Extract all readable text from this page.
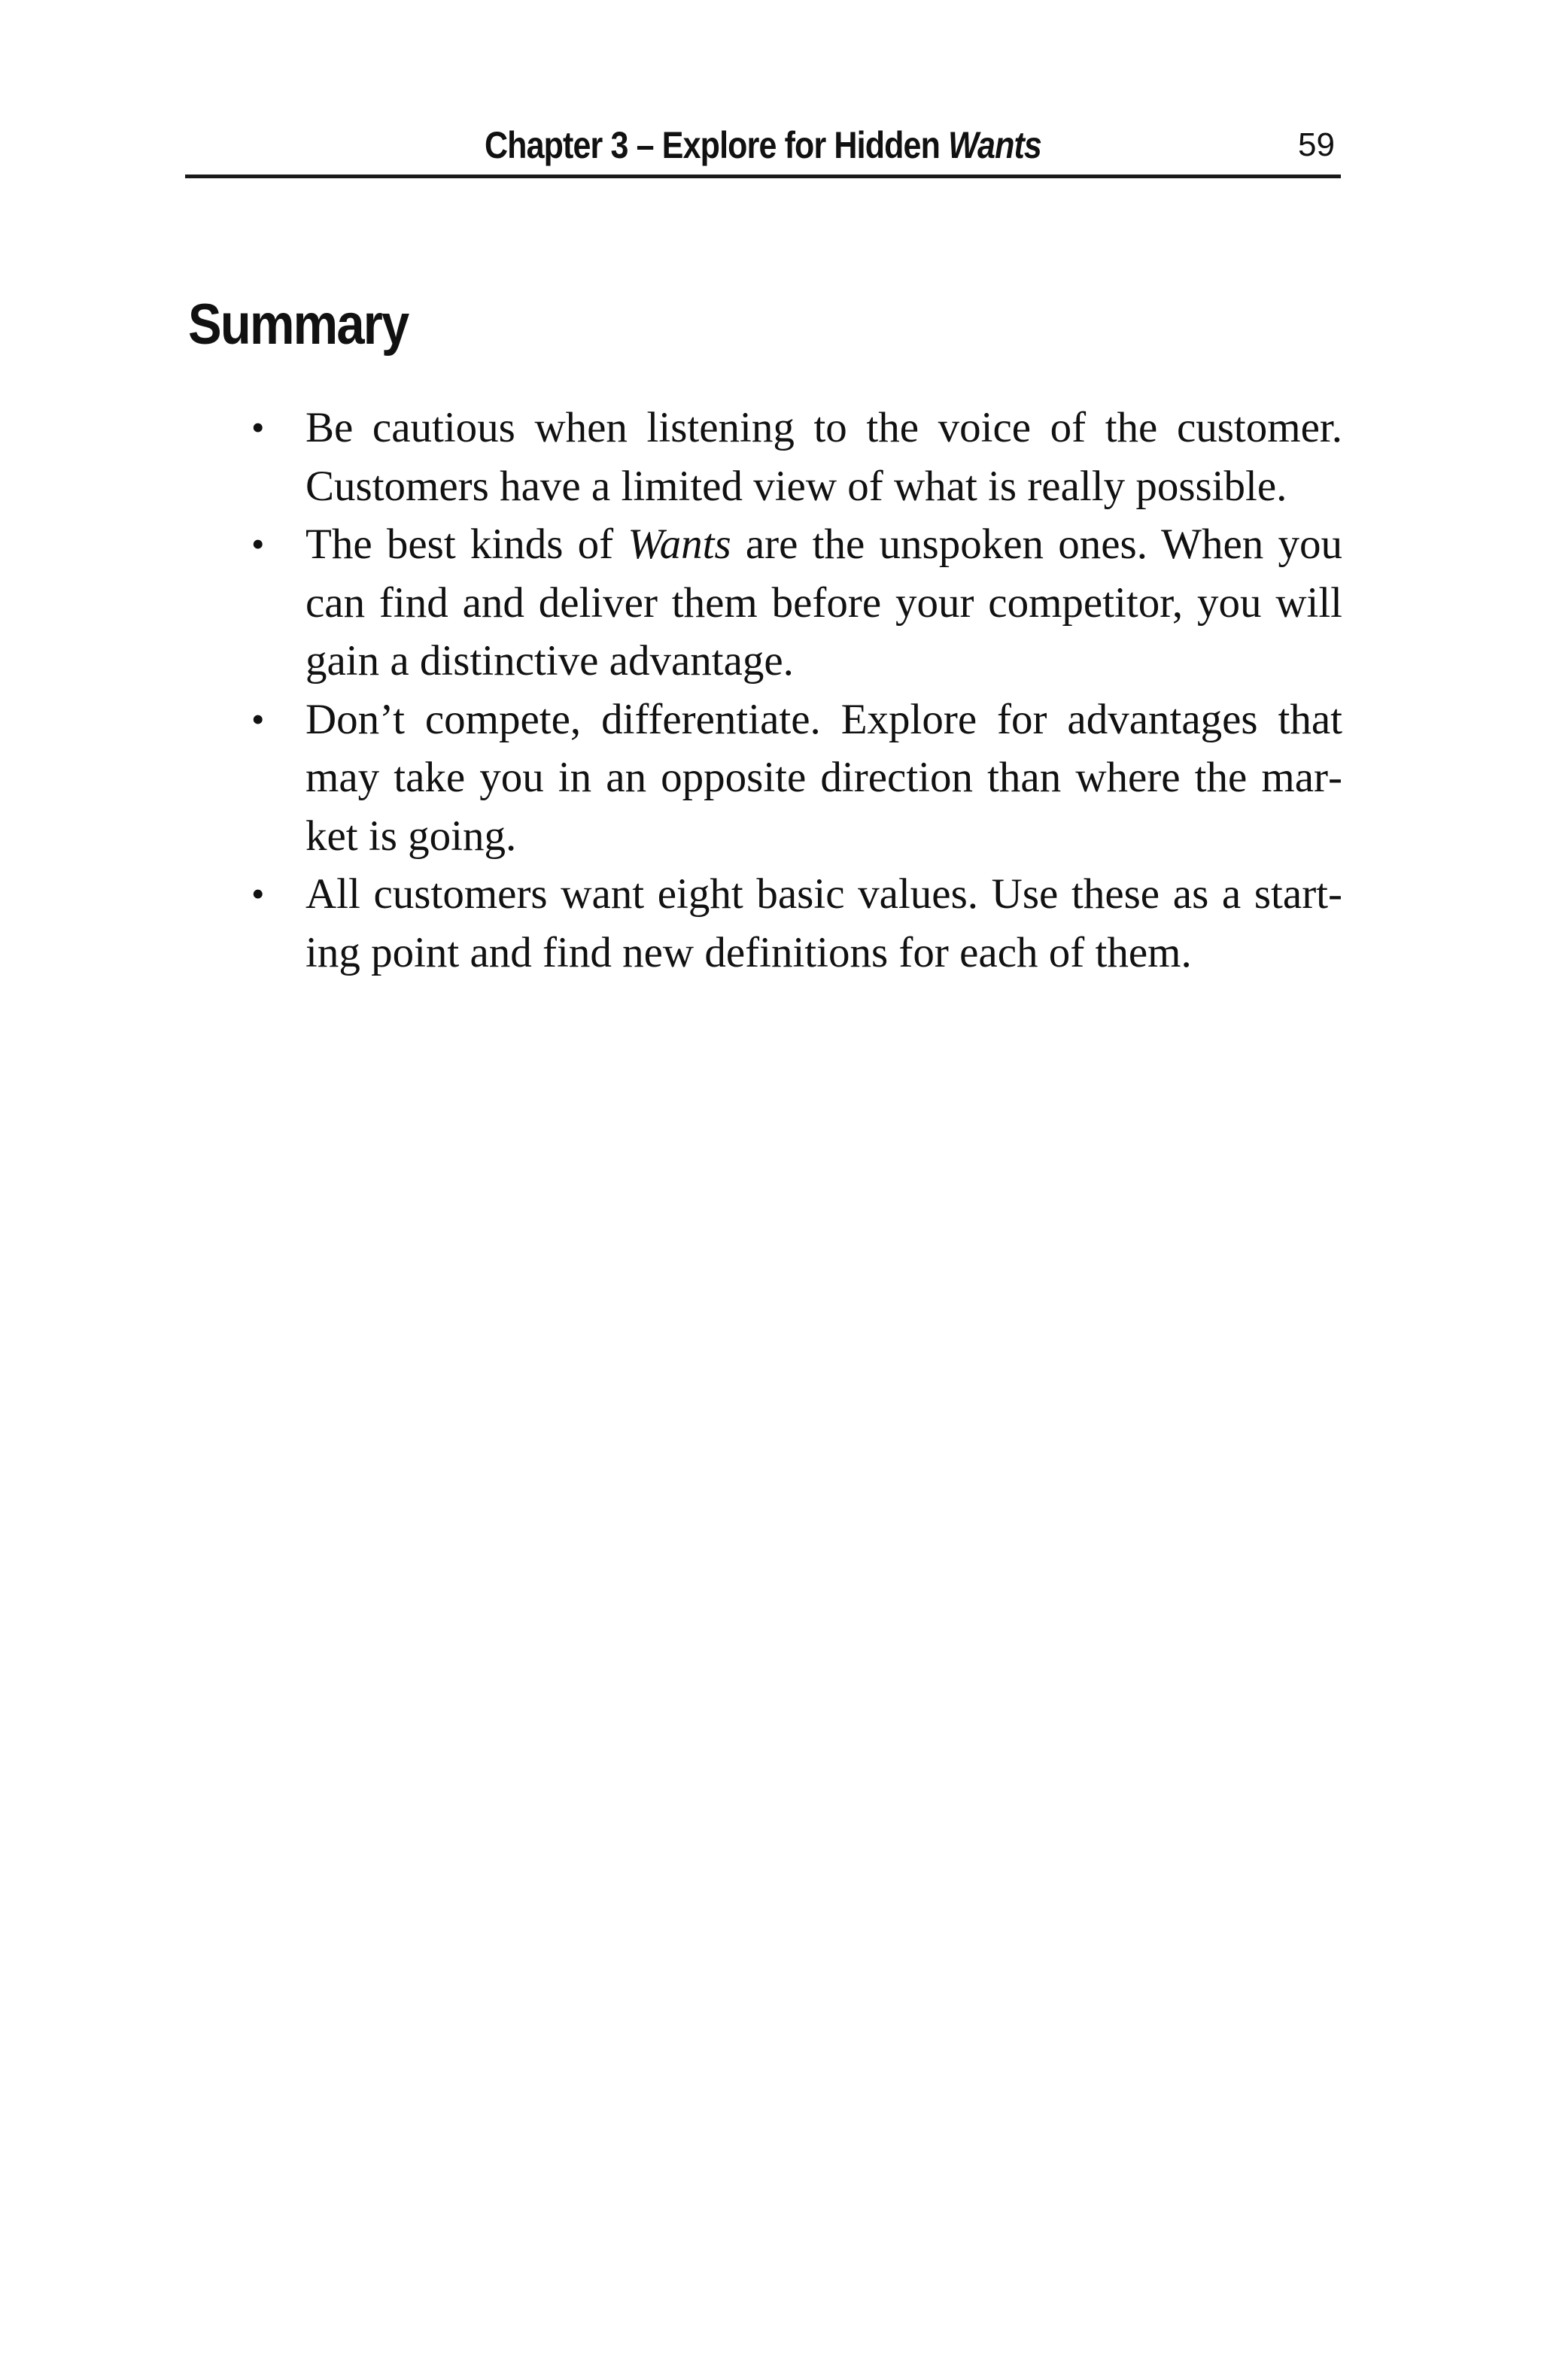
Chapter 3 – Explore for Hidden Wants	59
Summary
• Be cautious when listening to the voice of the customer. Customers have a limited view of what is really possible.
• The best kinds of Wants are the unspoken ones. When you can find and deliver them before your competitor, you will gain a distinctive advantage.
• Don’t compete, differentiate. Explore for advantages that may take you in an opposite direction than where the market is going.
• All customers want eight basic values. Use these as a starting point and find new definitions for each of them.
